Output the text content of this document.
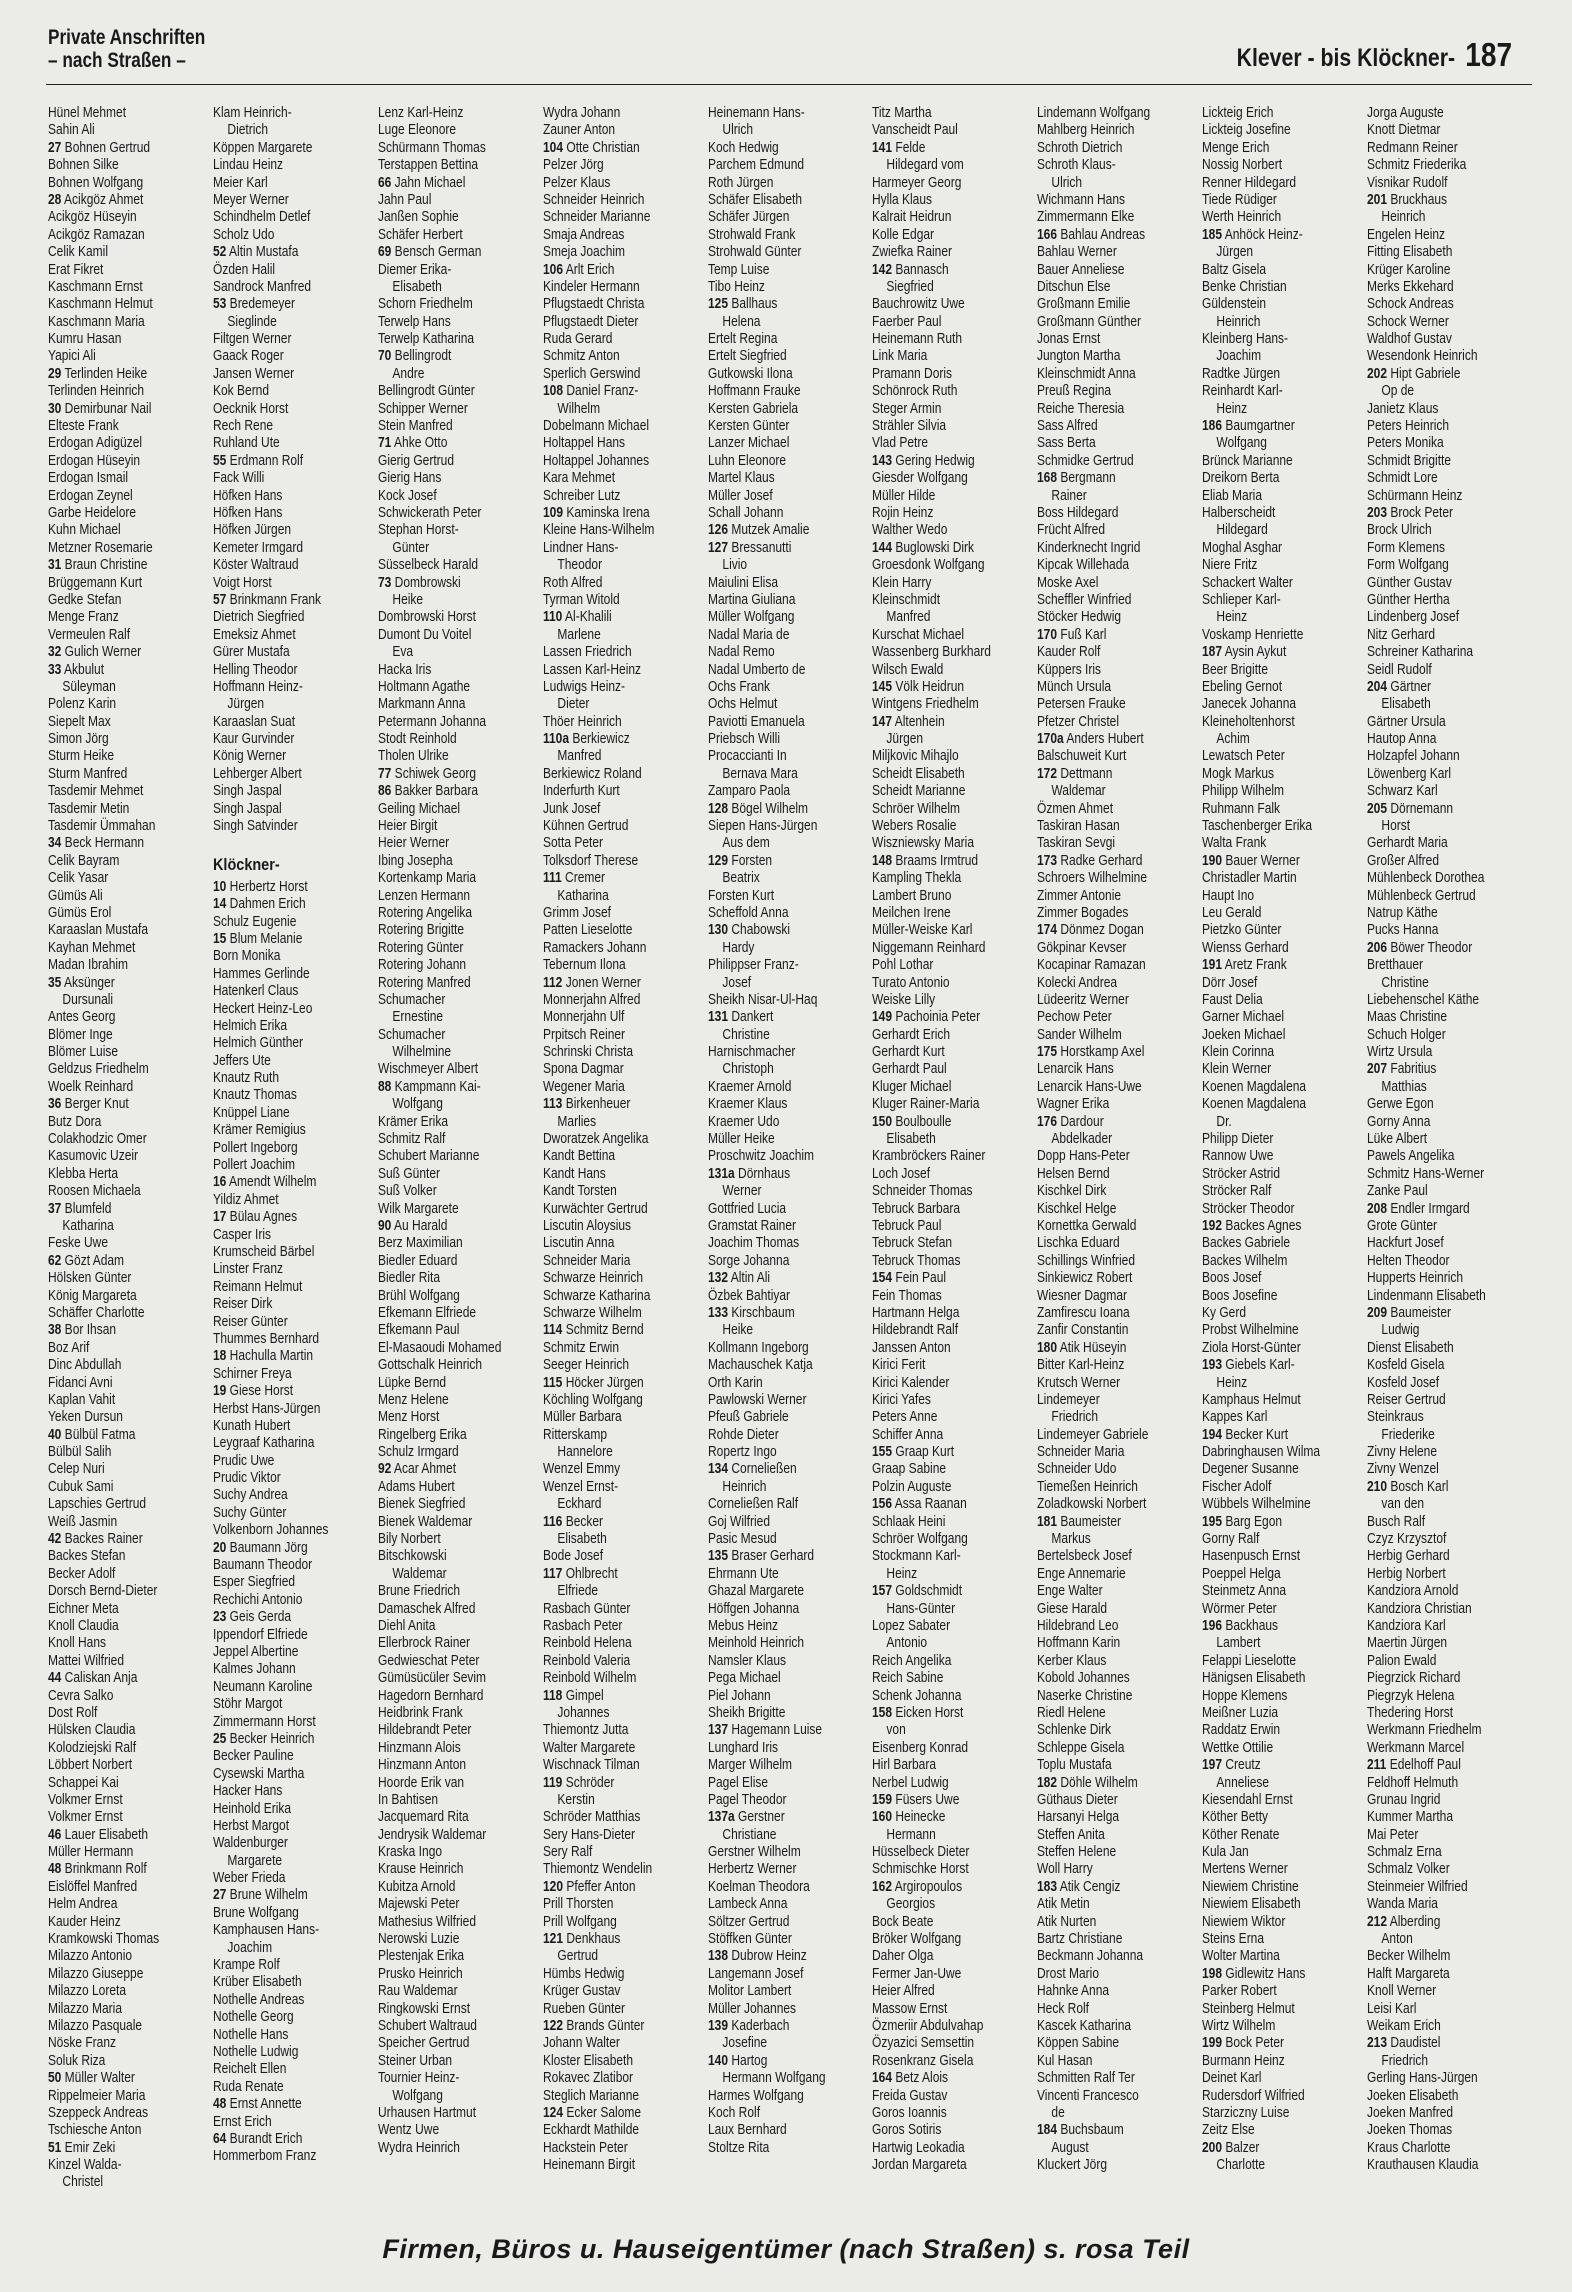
Private Anschriften
– nach Straßen –	Klever - bis Klöckner- 187
Hünel Mehmet
Sahin Ali
27 Bohnen Gertrud
Bohnen Silke
Bohnen Wolfgang
28 Acikgöz Ahmet
Acikgöz Hüseyin
Acikgöz Ramazan
Celik Kamil
Erat Fikret
Kaschmann Ernst
Kaschmann Helmut
Kaschmann Maria
Kumru Hasan
Yapici Ali
29 Terlinden Heike
Terlinden Heinrich
30 Demirbunar Nail
Elteste Frank
Erdogan Adigüzel
Erdogan Hüseyin
Erdogan Ismail
Erdogan Zeynel
Garbe Heidelore
Kuhn Michael
Metzner Rosemarie
31 Braun Christine
Brüggemann Kurt
Gedke Stefan
Menge Franz
Vermeulen Ralf
32 Gulich Werner
33 Akbulut
Süleyman
Polenz Karin
Siepelt Max
Simon Jörg
Sturm Heike
Sturm Manfred
Tasdemir Mehmet
Tasdemir Metin
Tasdemir Ümmahan
34 Beck Hermann
Celik Bayram
Celik Yasar
Gümüs Ali
Gümüs Erol
Karaaslan Mustafa
Kayhan Mehmet
Madan Ibrahim
35 Aksünger
Dursunali
Antes Georg
Blömer Inge
Blömer Luise
Geldzus Friedhelm
Woelk Reinhard
36 Berger Knut
Butz Dora
Colakhodzic Omer
Kasumovic Uzeir
Klebba Herta
Roosen Michaela
37 Blumfeld
Katharina
Feske Uwe
62 Gözt Adam
Hölsken Günter
König Margareta
Schäffer Charlotte
38 Bor Ihsan
Boz Arif
Dinc Abdullah
Fidanci Avni
Kaplan Vahit
Yeken Dursun
40 Bülbül Fatma
Bülbül Salih
Celep Nuri
Cubuk Sami
Lapschies Gertrud
Weiß Jasmin
42 Backes Rainer
Backes Stefan
Becker Adolf
Dorsch Bernd-Dieter
Eichner Meta
Knoll Claudia
Knoll Hans
Mattei Wilfried
44 Caliskan Anja
Cevra Salko
Dost Rolf
Hülsken Claudia
Kolodziejski Ralf
Löbbert Norbert
Schappei Kai
Volkmer Ernst
Volkmer Ernst
46 Lauer Elisabeth
Müller Hermann
48 Brinkmann Rolf
Eislöffel Manfred
Helm Andrea
Kauder Heinz
Kramkowski Thomas
Milazzo Antonio
Milazzo Giuseppe
Milazzo Loreta
Milazzo Maria
Milazzo Pasquale
Nöske Franz
Soluk Riza
50 Müller Walter
Rippelmeier Maria
Szeppeck Andreas
Tschiesche Anton
51 Emir Zeki
Kinzel Walda-
Christel
Klam Heinrich-
Dietrich
Köppen Margarete
Lindau Heinz
Meier Karl
Meyer Werner
Schindhelm Detlef
Scholz Udo
52 Altin Mustafa
Özden Halil
Sandrock Manfred
53 Bredemeyer
Sieglinde
Filtgen Werner
Gaack Roger
Jansen Werner
Kok Bernd
Oecknik Horst
Rech Rene
Ruhland Ute
55 Erdmann Rolf
Fack Willi
Höfken Hans
Höfken Hans
Höfken Jürgen
Kemeter Irmgard
Köster Waltraud
Voigt Horst
57 Brinkmann Frank
Dietrich Siegfried
Emeksiz Ahmet
Gürer Mustafa
Helling Theodor
Hoffmann Heinz-
Jürgen
Karaaslan Suat
Kaur Gurvinder
König Werner
Lehberger Albert
Singh Jaspal
Singh Jaspal
Singh Satvinder
Klöckner-
10 Herbertz Horst
14 Dahmen Erich
Schulz Eugenie
15 Blum Melanie
Born Monika
Hammes Gerlinde
Hatenkerl Claus
Heckert Heinz-Leo
Helmich Erika
Helmich Günther
Jeffers Ute
Knautz Ruth
Knautz Thomas
Knüppel Liane
Krämer Remigius
Pollert Ingeborg
Pollert Joachim
16 Amendt Wilhelm
Yildiz Ahmet
17 Bülau Agnes
Casper Iris
Krumscheid Bärbel
Linster Franz
Reimann Helmut
Reiser Dirk
Reiser Günter
Thummes Bernhard
18 Hachulla Martin
Schirner Freya
19 Giese Horst
Herbst Hans-Jürgen
Kunath Hubert
Leygraaf Katharina
Prudic Uwe
Prudic Viktor
Suchy Andrea
Suchy Günter
Volkenborn Johannes
20 Baumann Jörg
Baumann Theodor
Esper Siegfried
Rechichi Antonio
23 Geis Gerda
Ippendorf Elfriede
Jeppel Albertine
Kalmes Johann
Neumann Karoline
Stöhr Margot
Zimmermann Horst
25 Becker Heinrich
Becker Pauline
Cysewski Martha
Hacker Hans
Heinhold Erika
Herbst Margot
Waldenburger
Margarete
Weber Frieda
27 Brune Wilhelm
Brune Wolfgang
Kamphausen Hans-
Joachim
Krampe Rolf
Krüber Elisabeth
Nothelle Andreas
Nothelle Georg
Nothelle Hans
Nothelle Ludwig
Reichelt Ellen
Ruda Renate
48 Ernst Annette
Ernst Erich
64 Burandt Erich
Hommerbom Franz
Lenz Karl-Heinz
Luge Eleonore
Schürmann Thomas
Terstappen Bettina
66 Jahn Michael
Jahn Paul
Janßen Sophie
Schäfer Herbert
69 Bensch German
Diemer Erika-
Elisabeth
Schorn Friedhelm
Terwelp Hans
Terwelp Katharina
70 Bellingrodt
Andre
Bellingrodt Günter
Schipper Werner
Stein Manfred
71 Ahke Otto
Gierig Gertrud
Gierig Hans
Kock Josef
Schwickerath Peter
Stephan Horst-
Günter
Süsselbeck Harald
73 Dombrowski
Heike
Dombrowski Horst
Dumont Du Voitel
Eva
Hacka Iris
Holtmann Agathe
Markmann Anna
Petermann Johanna
Stodt Reinhold
Tholen Ulrike
77 Schiwek Georg
86 Bakker Barbara
Geiling Michael
Heier Birgit
Heier Werner
Ibing Josepha
Kortenkamp Maria
Lenzen Hermann
Rotering Angelika
Rotering Brigitte
Rotering Günter
Rotering Johann
Rotering Manfred
Schumacher
Ernestine
Schumacher
Wilhelmine
Wischmeyer Albert
88 Kampmann Kai-
Wolfgang
Krämer Erika
Schmitz Ralf
Schubert Marianne
Suß Günter
Suß Volker
Wilk Margarete
90 Au Harald
Berz Maximilian
Biedler Eduard
Biedler Rita
Brühl Wolfgang
Efkemann Elfriede
Efkemann Paul
El-Masaoudi Mohamed
Gottschalk Heinrich
Lüpke Bernd
Menz Helene
Menz Horst
Ringelberg Erika
Schulz Irmgard
92 Acar Ahmet
Adams Hubert
Bienek Siegfried
Bienek Waldemar
Bily Norbert
Bitschkowski
Waldemar
Brune Friedrich
Damaschek Alfred
Diehl Anita
Ellerbrock Rainer
Gedwieschat Peter
Gümüsücüler Sevim
Hagedorn Bernhard
Heidbrink Frank
Hildebrandt Peter
Hinzmann Alois
Hinzmann Anton
Hoorde Erik van
In Bahtisen
Jacquemard Rita
Jendrysik Waldemar
Kraska Ingo
Krause Heinrich
Kubitza Arnold
Majewski Peter
Mathesius Wilfried
Nerowski Luzie
Plestenjak Erika
Prusko Heinrich
Rau Waldemar
Ringkowski Ernst
Schubert Waltraud
Speicher Gertrud
Steiner Urban
Tournier Heinz-
Wolfgang
Urhausen Hartmut
Wentz Uwe
Wydra Heinrich
Wydra Johann
Zauner Anton
104 Otte Christian
Pelzer Jörg
Pelzer Klaus
Schneider Heinrich
Schneider Marianne
Smaja Andreas
Smeja Joachim
106 Arlt Erich
Kindeler Hermann
Pflugstaedt Christa
Pflugstaedt Dieter
Ruda Gerard
Schmitz Anton
Sperlich Gerswind
108 Daniel Franz-
Wilhelm
Dobelmann Michael
Holtappel Hans
Holtappel Johannes
Kara Mehmet
Schreiber Lutz
109 Kaminska Irena
Kleine Hans-Wilhelm
Lindner Hans-
Theodor
Roth Alfred
Tyrman Witold
110 Al-Khalili
Marlene
Lassen Friedrich
Lassen Karl-Heinz
Ludwigs Heinz-
Dieter
Thöer Heinrich
110a Berkiewicz
Manfred
Berkiewicz Roland
Inderfurth Kurt
Junk Josef
Kühnen Gertrud
Sotta Peter
Tolksdorf Therese
111 Cremer
Katharina
Grimm Josef
Patten Lieselotte
Ramackers Johann
Tebernum Ilona
112 Jonen Werner
Monnerjahn Alfred
Monnerjahn Ulf
Prpitsch Reiner
Schrinski Christa
Spona Dagmar
Wegener Maria
113 Birkenheuer
Marlies
Dworatzek Angelika
Kandt Bettina
Kandt Hans
Kandt Torsten
Kurwächter Gertrud
Liscutin Aloysius
Liscutin Anna
Schneider Maria
Schwarze Heinrich
Schwarze Katharina
Schwarze Wilhelm
114 Schmitz Bernd
Schmitz Erwin
Seeger Heinrich
115 Höcker Jürgen
Köchling Wolfgang
Müller Barbara
Ritterskamp
Hannelore
Wenzel Emmy
Wenzel Ernst-
Eckhard
116 Becker
Elisabeth
Bode Josef
117 Ohlbrecht
Elfriede
Rasbach Günter
Rasbach Peter
Reinbold Helena
Reinbold Valeria
Reinbold Wilhelm
118 Gimpel
Johannes
Thiemontz Jutta
Walter Margarete
Wischnack Tilman
119 Schröder
Kerstin
Schröder Matthias
Sery Hans-Dieter
Sery Ralf
Thiemontz Wendelin
120 Pfeffer Anton
Prill Thorsten
Prill Wolfgang
121 Denkhaus
Gertrud
Hümbs Hedwig
Krüger Gustav
Rueben Günter
122 Brands Günter
Johann Walter
Kloster Elisabeth
Rokavec Zlatibor
Steglich Marianne
124 Ecker Salome
Eckhardt Mathilde
Hackstein Peter
Heinemann Birgit
Heinemann Hans-
Ulrich
Koch Hedwig
Parchem Edmund
Roth Jürgen
Schäfer Elisabeth
Schäfer Jürgen
Strohwald Frank
Strohwald Günter
Temp Luise
Tibo Heinz
125 Ballhaus
Helena
Ertelt Regina
Ertelt Siegfried
Gutkowski Ilona
Hoffmann Frauke
Kersten Gabriela
Kersten Günter
Lanzer Michael
Luhn Eleonore
Martel Klaus
Müller Josef
Schall Johann
126 Mutzek Amalie
127 Bressanutti
Livio
Maiulini Elisa
Martina Giuliana
Müller Wolfgang
Nadal Maria de
Nadal Remo
Nadal Umberto de
Ochs Frank
Ochs Helmut
Paviotti Emanuela
Priebsch Willi
Procaccianti In
Bernava Mara
Zamparo Paola
128 Bögel Wilhelm
Siepen Hans-Jürgen
Aus dem
129 Forsten
Beatrix
Forsten Kurt
Scheffold Anna
130 Chabowski
Hardy
Philippser Franz-
Josef
Sheikh Nisar-Ul-Haq
131 Dankert
Christine
Harnischmacher
Christoph
Kraemer Arnold
Kraemer Klaus
Kraemer Udo
Müller Heike
Proschwitz Joachim
131a Dörnhaus
Werner
Gottfried Lucia
Gramstat Rainer
Joachim Thomas
Sorge Johanna
132 Altin Ali
Özbek Bahtiyar
133 Kirschbaum
Heike
Kollmann Ingeborg
Machauschek Katja
Orth Karin
Pawlowski Werner
Pfeuß Gabriele
Rohde Dieter
Ropertz Ingo
134 Corneließen
Heinrich
Corneließen Ralf
Goj Wilfried
Pasic Mesud
135 Braser Gerhard
Ehrmann Ute
Ghazal Margarete
Höffgen Johanna
Mebus Heinz
Meinhold Heinrich
Namsler Klaus
Pega Michael
Piel Johann
Sheikh Brigitte
137 Hagemann Luise
Lunghard Iris
Marger Wilhelm
Pagel Elise
Pagel Theodor
137a Gerstner
Christiane
Gerstner Wilhelm
Herbertz Werner
Koelman Theodora
Lambeck Anna
Söltzer Gertrud
Stöffken Günter
138 Dubrow Heinz
Langemann Josef
Molitor Lambert
Müller Johannes
139 Kaderbach
Josefine
140 Hartog
Hermann Wolfgang
Harmes Wolfgang
Koch Rolf
Laux Bernhard
Stoltze Rita
Titz Martha
Vanscheidt Paul
141 Felde
Hildegard vom
Harmeyer Georg
Hylla Klaus
Kalrait Heidrun
Kolle Edgar
Zwiefka Rainer
142 Bannasch
Siegfried
Bauchrowitz Uwe
Faerber Paul
Heinemann Ruth
Link Maria
Pramann Doris
Schönrock Ruth
Steger Armin
Strähler Silvia
Vlad Petre
143 Gering Hedwig
Giesder Wolfgang
Müller Hilde
Rojin Heinz
Walther Wedo
144 Buglowski Dirk
Groesdonk Wolfgang
Klein Harry
Kleinschmidt
Manfred
Kurschat Michael
Wassenberg Burkhard
Wilsch Ewald
145 Völk Heidrun
Wintgens Friedhelm
147 Altenhein
Jürgen
Miljkovic Mihajlo
Scheidt Elisabeth
Scheidt Marianne
Schröer Wilhelm
Webers Rosalie
Wiszniewsky Maria
148 Braams Irmtrud
Kampling Thekla
Lambert Bruno
Meilchen Irene
Müller-Weiske Karl
Niggemann Reinhard
Pohl Lothar
Turato Antonio
Weiske Lilly
149 Pachoinia Peter
Gerhardt Erich
Gerhardt Kurt
Gerhardt Paul
Kluger Michael
Kluger Rainer-Maria
150 Boulboulle
Elisabeth
Krambröckers Rainer
Loch Josef
Schneider Thomas
Tebruck Barbara
Tebruck Paul
Tebruck Stefan
Tebruck Thomas
154 Fein Paul
Fein Thomas
Hartmann Helga
Hildebrandt Ralf
Janssen Anton
Kirici Ferit
Kirici Kalender
Kirici Yafes
Peters Anne
Schiffer Anna
155 Graap Kurt
Graap Sabine
Polzin Auguste
156 Assa Raanan
Schlaak Heini
Schröer Wolfgang
Stockmann Karl-
Heinz
157 Goldschmidt
Hans-Günter
Lopez Sabater
Antonio
Reich Angelika
Reich Sabine
Schenk Johanna
158 Eicken Horst
von
Eisenberg Konrad
Hirl Barbara
Nerbel Ludwig
159 Füsers Uwe
160 Heinecke
Hermann
Hüsselbeck Dieter
Schmischke Horst
162 Argiropoulos
Georgios
Bock Beate
Bröker Wolfgang
Daher Olga
Fermer Jan-Uwe
Heier Alfred
Massow Ernst
Özmeriir Abdulvahap
Özyazici Semsettin
Rosenkranz Gisela
164 Betz Alois
Freida Gustav
Goros Ioannis
Goros Sotiris
Hartwig Leokadia
Jordan Margareta
Lindemann Wolfgang
Mahlberg Heinrich
Schroth Dietrich
Schroth Klaus-
Ulrich
Wichmann Hans
Zimmermann Elke
166 Bahlau Andreas
Bahlau Werner
Bauer Anneliese
Ditschun Else
Großmann Emilie
Großmann Günther
Jonas Ernst
Jungton Martha
Kleinschmidt Anna
Preuß Regina
Reiche Theresia
Sass Alfred
Sass Berta
Schmidke Gertrud
168 Bergmann
Rainer
Boss Hildegard
Frücht Alfred
Kinderknecht Ingrid
Kipcak Willehada
Moske Axel
Scheffler Winfried
Stöcker Hedwig
170 Fuß Karl
Kauder Rolf
Küppers Iris
Münch Ursula
Petersen Frauke
Pfetzer Christel
170a Anders Hubert
Balschuweit Kurt
172 Dettmann
Waldemar
Özmen Ahmet
Taskiran Hasan
Taskiran Sevgi
173 Radke Gerhard
Schroers Wilhelmine
Zimmer Antonie
Zimmer Bogades
174 Dönmez Dogan
Gökpinar Kevser
Kocapinar Ramazan
Kolecki Andrea
Lüdeeritz Werner
Pechow Peter
Sander Wilhelm
175 Horstkamp Axel
Lenarcik Hans
Lenarcik Hans-Uwe
Wagner Erika
176 Dardour
Abdelkader
Dopp Hans-Peter
Helsen Bernd
Kischkel Dirk
Kischkel Helge
Kornettka Gerwald
Lischka Eduard
Schillings Winfried
Sinkiewicz Robert
Wiesner Dagmar
Zamfirescu Ioana
Zanfir Constantin
180 Atik Hüseyin
Bitter Karl-Heinz
Krutsch Werner
Lindemeyer
Friedrich
Lindemeyer Gabriele
Schneider Maria
Schneider Udo
Tiemeßen Heinrich
Zoladkowski Norbert
181 Baumeister
Markus
Bertelsbeck Josef
Enge Annemarie
Enge Walter
Giese Harald
Hildebrand Leo
Hoffmann Karin
Kerber Klaus
Kobold Johannes
Naserke Christine
Riedl Helene
Schlenke Dirk
Schleppe Gisela
Toplu Mustafa
182 Döhle Wilhelm
Güthaus Dieter
Harsanyi Helga
Steffen Anita
Steffen Helene
Woll Harry
183 Atik Cengiz
Atik Metin
Atik Nurten
Bartz Christiane
Beckmann Johanna
Drost Mario
Hahnke Anna
Heck Rolf
Kascek Katharina
Köppen Sabine
Kul Hasan
Schmitten Ralf Ter
Vincenti Francesco
de
184 Buchsbaum
August
Kluckert Jörg
Lickteig Erich
Lickteig Josefine
Menge Erich
Nossig Norbert
Renner Hildegard
Tiede Rüdiger
Werth Heinrich
185 Anhöck Heinz-
Jürgen
Baltz Gisela
Benke Christian
Güldenstein
Heinrich
Kleinberg Hans-
Joachim
Radtke Jürgen
Reinhardt Karl-
Heinz
186 Baumgartner
Wolfgang
Brünck Marianne
Dreikorn Berta
Eliab Maria
Halberscheidt
Hildegard
Moghal Asghar
Niere Fritz
Schackert Walter
Schlieper Karl-
Heinz
Voskamp Henriette
187 Aysin Aykut
Beer Brigitte
Ebeling Gernot
Janecek Johanna
Kleineholtenhorst
Achim
Lewatsch Peter
Mogk Markus
Philipp Wilhelm
Ruhmann Falk
Taschenberger Erika
Walta Frank
190 Bauer Werner
Christadler Martin
Haupt Ino
Leu Gerald
Pietzko Günter
Wienss Gerhard
191 Aretz Frank
Dörr Josef
Faust Delia
Garner Michael
Joeken Michael
Klein Corinna
Klein Werner
Koenen Magdalena
Koenen Magdalena
Dr.
Philipp Dieter
Rannow Uwe
Ströcker Astrid
Ströcker Ralf
Ströcker Theodor
192 Backes Agnes
Backes Gabriele
Backes Wilhelm
Boos Josef
Boos Josefine
Ky Gerd
Probst Wilhelmine
Ziola Horst-Günter
193 Giebels Karl-
Heinz
Kamphaus Helmut
Kappes Karl
194 Becker Kurt
Dabringhausen Wilma
Degener Susanne
Fischer Adolf
Wübbels Wilhelmine
195 Barg Egon
Gorny Ralf
Hasenpusch Ernst
Poeppel Helga
Steinmetz Anna
Wörmer Peter
196 Backhaus
Lambert
Felappi Lieselotte
Hänigsen Elisabeth
Hoppe Klemens
Meißner Luzia
Raddatz Erwin
Wettke Ottilie
197 Creutz
Anneliese
Kiesendahl Ernst
Köther Betty
Köther Renate
Kula Jan
Mertens Werner
Niewiem Christine
Niewiem Elisabeth
Niewiem Wiktor
Steins Erna
Wolter Martina
198 Gidlewitz Hans
Parker Robert
Steinberg Helmut
Wirtz Wilhelm
199 Bock Peter
Burmann Heinz
Deinet Karl
Rudersdorf Wilfried
Starziczny Luise
Zeitz Else
200 Balzer
Charlotte
Jorga Auguste
Knott Dietmar
Redmann Reiner
Schmitz Friederika
Visnikar Rudolf
201 Bruckhaus
Heinrich
Engelen Heinz
Fitting Elisabeth
Krüger Karoline
Merks Ekkehard
Schock Andreas
Schock Werner
Waldhof Gustav
Wesendonk Heinrich
202 Hipt Gabriele
Op de
Janietz Klaus
Peters Heinrich
Peters Monika
Schmidt Brigitte
Schmidt Lore
Schürmann Heinz
203 Brock Peter
Brock Ulrich
Form Klemens
Form Wolfgang
Günther Gustav
Günther Hertha
Lindenberg Josef
Nitz Gerhard
Schreiner Katharina
Seidl Rudolf
204 Gärtner
Elisabeth
Gärtner Ursula
Hautop Anna
Holzapfel Johann
Löwenberg Karl
Schwarz Karl
205 Dörnemann
Horst
Gerhardt Maria
Großer Alfred
Mühlenbeck Dorothea
Mühlenbeck Gertrud
Natrup Käthe
Pucks Hanna
206 Böwer Theodor
Bretthauer
Christine
Liebehenschel Käthe
Maas Christine
Schuch Holger
Wirtz Ursula
207 Fabritius
Matthias
Gerwe Egon
Gorny Anna
Lüke Albert
Pawels Angelika
Schmitz Hans-Werner
Zanke Paul
208 Endler Irmgard
Grote Günter
Hackfurt Josef
Helten Theodor
Hupperts Heinrich
Lindenmann Elisabeth
209 Baumeister
Ludwig
Dienst Elisabeth
Kosfeld Gisela
Kosfeld Josef
Reiser Gertrud
Steinkraus
Friederike
Zivny Helene
Zivny Wenzel
210 Bosch Karl
van den
Busch Ralf
Czyz Krzysztof
Herbig Gerhard
Herbig Norbert
Kandziora Arnold
Kandziora Christian
Kandziora Karl
Maertin Jürgen
Palion Ewald
Piegrzick Richard
Piegrzyk Helena
Thedering Horst
Werkmann Friedhelm
Werkmann Marcel
211 Edelhoff Paul
Feldhoff Helmuth
Grunau Ingrid
Kummer Martha
Mai Peter
Schmalz Erna
Schmalz Volker
Steinmeier Wilfried
Wanda Maria
212 Alberding
Anton
Becker Wilhelm
Halft Margareta
Knoll Werner
Leisi Karl
Weikam Erich
213 Daudistel
Friedrich
Gerling Hans-Jürgen
Joeken Elisabeth
Joeken Manfred
Joeken Thomas
Kraus Charlotte
Krauthausen Klaudia
Firmen, Büros u. Hauseigentümer (nach Straßen) s. rosa Teil
